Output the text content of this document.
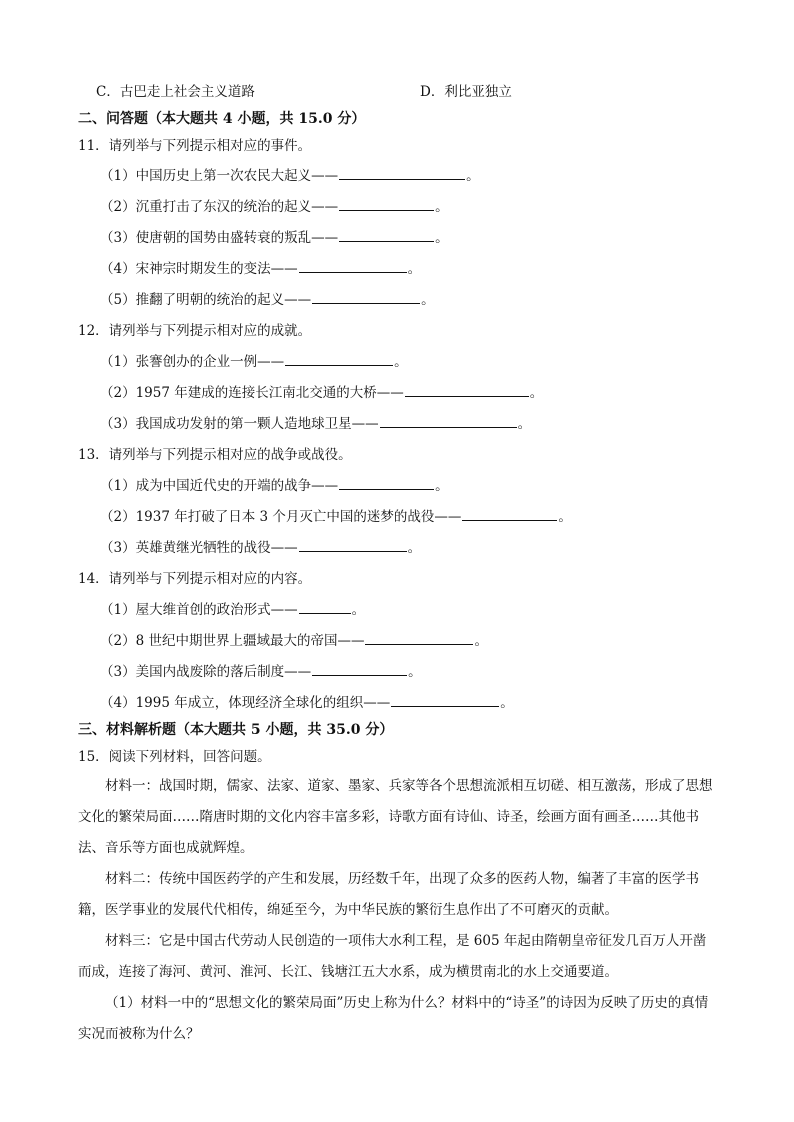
C．古巴走上社会主义道路	D．利比亚独立
二、问答题（本大题共 4 小题，共 15.0 分）
11．请列举与下列提示相对应的事件。
（1）中国历史上第一次农民大起义——	。
（2）沉重打击了东汉的统治的起义——	。
（3）使唐朝的国势由盛转衰的叛乱——	。
（4）宋神宗时期发生的变法——	。
（5）推翻了明朝的统治的起义——	。
12．请列举与下列提示相对应的成就。
（1）张謇创办的企业一例——	。
（2）1957 年建成的连接长江南北交通的大桥——	。
（3）我国成功发射的第一颗人造地球卫星——	。
13．请列举与下列提示相对应的战争或战役。
（1）成为中国近代史的开端的战争——	。
（2）1937 年打破了日本 3 个月灭亡中国的迷梦的战役——	。
（3）英雄黄继光牺牲的战役——	。
14．请列举与下列提示相对应的内容。
（1）屋大维首创的政治形式——	。
（2）8 世纪中期世界上疆域最大的帝国——	。
（3）美国内战废除的落后制度——	。
（4）1995 年成立，体现经济全球化的组织——	。
三、材料解析题（本大题共 5 小题，共 35.0 分）
15．阅读下列材料，回答问题。
材料一：战国时期，儒家、法家、道家、墨家、兵家等各个思想流派相互切磋、相互激荡，形成了思想文化的繁荣局面……隋唐时期的文化内容丰富多彩，诗歌方面有诗仙、诗圣，绘画方面有画圣……其他书法、音乐等方面也成就辉煌。
材料二：传统中国医药学的产生和发展，历经数千年，出现了众多的医药人物，编著了丰富的医学书籍，医学事业的发展代代相传，绵延至今，为中华民族的繁衍生息作出了不可磨灭的贡献。
材料三：它是中国古代劳动人民创造的一项伟大水利工程，是 605 年起由隋朝皇帝征发几百万人开凿而成，连接了海河、黄河、淮河、长江、钱塘江五大水系，成为横贯南北的水上交通要道。
（1）材料一中的“思想文化的繁荣局面”历史上称为什么？材料中的“诗圣”的诗因为反映了历史的真情实况而被称为什么？
